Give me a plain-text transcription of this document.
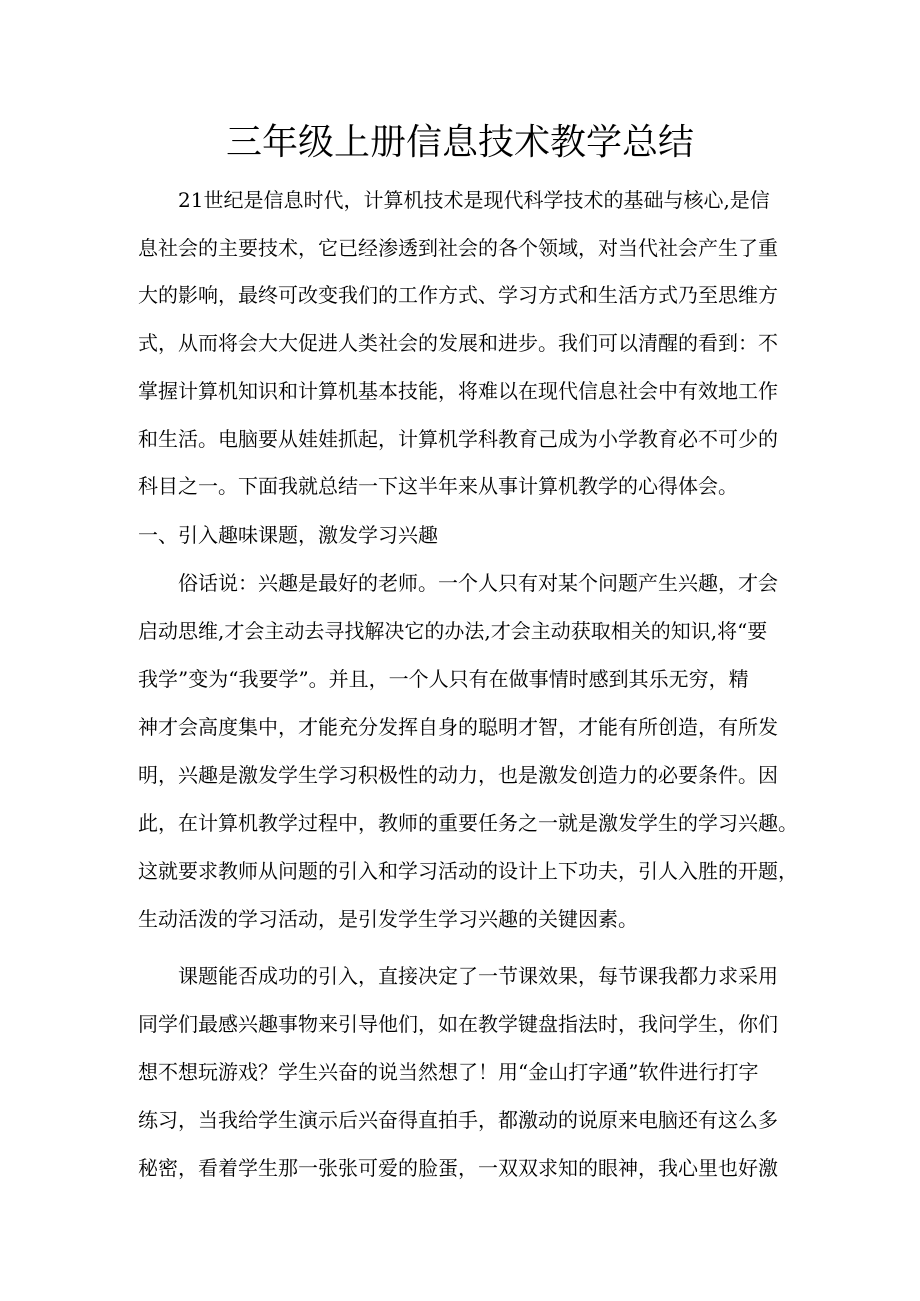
三年级上册信息技术教学总结
21世纪是信息时代，计算机技术是现代科学技术的基础与核心,是信
息社会的主要技术，它已经渗透到社会的各个领域，对当代社会产生了重
大的影响，最终可改变我们的工作方式、学习方式和生活方式乃至思维方
式，从而将会大大促进人类社会的发展和进步。我们可以清醒的看到：不
掌握计算机知识和计算机基本技能，将难以在现代信息社会中有效地工作
和生活。电脑要从娃娃抓起，计算机学科教育己成为小学教育必不可少的
科目之一。下面我就总结一下这半年来从事计算机教学的心得体会。
一、引入趣味课题，激发学习兴趣
俗话说：兴趣是最好的老师。一个人只有对某个问题产生兴趣，才会
启动思维,才会主动去寻找解决它的办法,才会主动获取相关的知识,将“要
我学”变为“我要学”。并且，一个人只有在做事情时感到其乐无穷，精
神才会高度集中，才能充分发挥自身的聪明才智，才能有所创造，有所发
明，兴趣是激发学生学习积极性的动力，也是激发创造力的必要条件。因
此，在计算机教学过程中，教师的重要任务之一就是激发学生的学习兴趣。
这就要求教师从问题的引入和学习活动的设计上下功夫，引人入胜的开题，
生动活泼的学习活动，是引发学生学习兴趣的关键因素。
课题能否成功的引入，直接决定了一节课效果，每节课我都力求采用
同学们最感兴趣事物来引导他们，如在教学键盘指法时，我问学生，你们
想不想玩游戏？学生兴奋的说当然想了！用“金山打字通”软件进行打字
练习，当我给学生演示后兴奋得直拍手，都激动的说原来电脑还有这么多
秘密，看着学生那一张张可爱的脸蛋，一双双求知的眼神，我心里也好激
